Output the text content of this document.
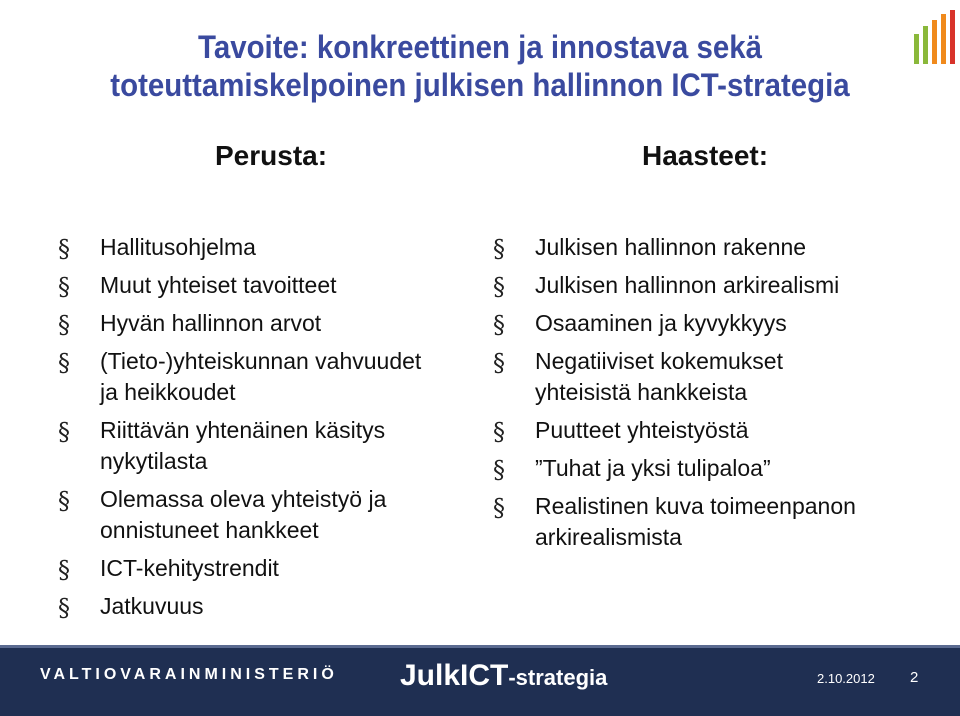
Tavoite: konkreettinen ja innostava sekä
toteuttamiskelpoinen julkisen hallinnon ICT-strategia
Perusta:	Haasteet:
§ Hallitusohjelma
§ Muut yhteiset tavoitteet
§ Hyvän hallinnon arvot
§ (Tieto-)yhteiskunnan vahvuudet
ja heikkoudet
§ Riittävän yhtenäinen käsitys
nykytilasta
§ Olemassa oleva yhteistyö ja
onnistuneet hankkeet
§ ICT-kehitystrendit
§ Jatkuvuus
§ Julkisen hallinnon rakenne
§ Julkisen hallinnon arkirealismi
§ Osaaminen ja kyvykkyys
§ Negatiiviset kokemukset
yhteisistä hankkeista
§ Puutteet yhteistyöstä
§ ”Tuhat ja yksi tulipaloa”
§ Realistinen kuva toimeenpanon
arkirealismista
VALTIOVARAINMINISTERIÖ JulkICT-strategia	2.10.2012 2
